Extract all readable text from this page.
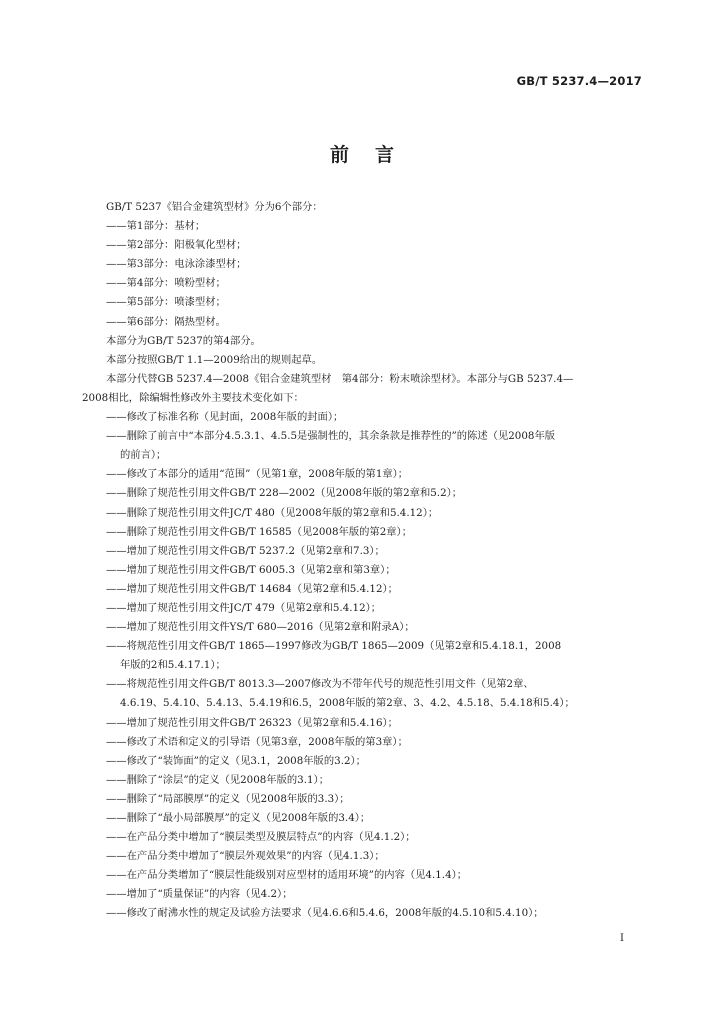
GB/T 5237.4—2017
前言
GB/T 5237《铝合金建筑型材》分为6个部分：
——第1部分：基材；
——第2部分：阳极氧化型材；
——第3部分：电泳涂漆型材；
——第4部分：喷粉型材；
——第5部分：喷漆型材；
——第6部分：隔热型材。
本部分为GB/T 5237的第4部分。
本部分按照GB/T 1.1—2009给出的规则起草。
本部分代替GB 5237.4—2008《铝合金建筑型材　第4部分：粉末喷涂型材》。本部分与GB 5237.4—
2008相比，除编辑性修改外主要技术变化如下：
——修改了标准名称（见封面，2008年版的封面）；
——删除了前言中“本部分4.5.3.1、4.5.5是强制性的，其余条款是推荐性的”的陈述（见2008年版
的前言）；
——修改了本部分的适用“范围”（见第1章，2008年版的第1章）；
——删除了规范性引用文件GB/T 228—2002（见2008年版的第2章和5.2）；
——删除了规范性引用文件JC/T 480（见2008年版的第2章和5.4.12）；
——删除了规范性引用文件GB/T 16585（见2008年版的第2章）；
——增加了规范性引用文件GB/T 5237.2（见第2章和7.3）；
——增加了规范性引用文件GB/T 6005.3（见第2章和第3章）；
——增加了规范性引用文件GB/T 14684（见第2章和5.4.12）；
——增加了规范性引用文件JC/T 479（见第2章和5.4.12）；
——增加了规范性引用文件YS/T 680—2016（见第2章和附录A）；
——将规范性引用文件GB/T 1865—1997修改为GB/T 1865—2009（见第2章和5.4.18.1，2008
年版的2和5.4.17.1）；
——将规范性引用文件GB/T 8013.3—2007修改为不带年代号的规范性引用文件（见第2章、
4.6.19、5.4.10、5.4.13、5.4.19和6.5，2008年版的第2章、3、4.2、4.5.18、5.4.18和5.4）；
——增加了规范性引用文件GB/T 26323（见第2章和5.4.16）；
——修改了术语和定义的引导语（见第3章，2008年版的第3章）；
——修改了“装饰面”的定义（见3.1，2008年版的3.2）；
——删除了“涂层”的定义（见2008年版的3.1）；
——删除了“局部膜厚”的定义（见2008年版的3.3）；
——删除了“最小局部膜厚”的定义（见2008年版的3.4）；
——在产品分类中增加了“膜层类型及膜层特点”的内容（见4.1.2）；
——在产品分类中增加了“膜层外观效果”的内容（见4.1.3）；
——在产品分类增加了“膜层性能级别对应型材的适用环境”的内容（见4.1.4）；
——增加了“质量保证”的内容（见4.2）；
——修改了耐沸水性的规定及试验方法要求（见4.6.6和5.4.6，2008年版的4.5.10和5.4.10）；
I
